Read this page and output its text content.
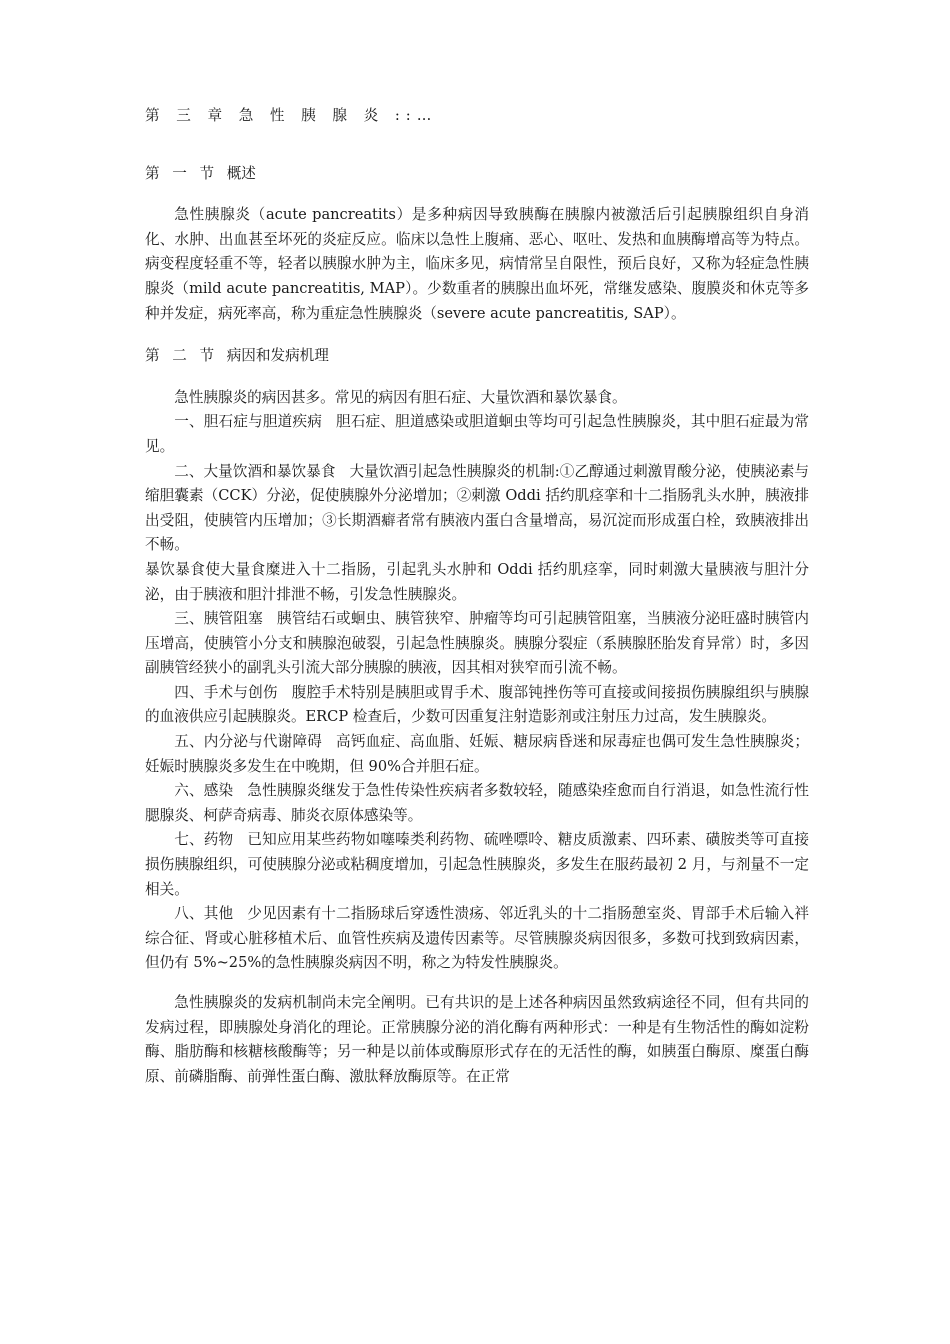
第 三 章 急 性 胰 腺 炎 ::…

第 一 节 概述

急性胰腺炎（acute pancreatits）是多种病因导致胰酶在胰腺内被激活后引起胰腺组织自身消化、水肿、出血甚至坏死的炎症反应。临床以急性上腹痛、恶心、呕吐、发热和血胰酶增高等为特点。病变程度轻重不等，轻者以胰腺水肿为主，临床多见，病情常呈自限性，预后良好，又称为轻症急性胰腺炎（mild acute pancreatitis, MAP）。少数重者的胰腺出血坏死，常继发感染、腹膜炎和休克等多种并发症，病死率高，称为重症急性胰腺炎（severe acute pancreatitis, SAP）。

第 二 节 病因和发病机理

急性胰腺炎的病因甚多。常见的病因有胆石症、大量饮酒和暴饮暴食。

一、胆石症与胆道疾病 胆石症、胆道感染或胆道蛔虫等均可引起急性胰腺炎，其中胆石症最为常见。

二、大量饮酒和暴饮暴食 大量饮酒引起急性胰腺炎的机制:①乙醇通过刺激胃酸分泌，使胰泌素与缩胆囊素（CCK）分泌，促使胰腺外分泌增加；②刺激 Oddi 括约肌痉挛和十二指肠乳头水肿，胰液排出受阻，使胰管内压增加；③长期酒癖者常有胰液内蛋白含量增高，易沉淀而形成蛋白栓，致胰液排出不畅。

暴饮暴食使大量食糜进入十二指肠，引起乳头水肿和 Oddi 括约肌痉挛，同时刺激大量胰液与胆汁分泌，由于胰液和胆汁排泄不畅，引发急性胰腺炎。

三、胰管阻塞 胰管结石或蛔虫、胰管狭窄、肿瘤等均可引起胰管阻塞，当胰液分泌旺盛时胰管内压增高，使胰管小分支和胰腺泡破裂，引起急性胰腺炎。胰腺分裂症（系胰腺胚胎发育异常）时，多因副胰管经狭小的副乳头引流大部分胰腺的胰液，因其相对狭窄而引流不畅。

四、手术与创伤 腹腔手术特别是胰胆或胃手术、腹部钝挫伤等可直接或间接损伤胰腺组织与胰腺的血液供应引起胰腺炎。ERCP 检查后，少数可因重复注射造影剂或注射压力过高，发生胰腺炎。

五、内分泌与代谢障碍 高钙血症、高血脂、妊娠、糖尿病昏迷和尿毒症也偶可发生急性胰腺炎；妊娠时胰腺炎多发生在中晚期，但 90%合并胆石症。

六、感染 急性胰腺炎继发于急性传染性疾病者多数较轻，随感染痊愈而自行消退，如急性流行性腮腺炎、柯萨奇病毒、肺炎衣原体感染等。

七、药物 已知应用某些药物如噻嗪类利药物、硫唑嘌呤、糖皮质激素、四环素、磺胺类等可直接损伤胰腺组织，可使胰腺分泌或粘稠度增加，引起急性胰腺炎，多发生在服药最初 2 月，与剂量不一定相关。

八、其他 少见因素有十二指肠球后穿透性溃疡、邻近乳头的十二指肠憩室炎、胃部手术后输入袢综合征、肾或心脏移植术后、血管性疾病及遗传因素等。尽管胰腺炎病因很多，多数可找到致病因素，但仍有 5%~25%的急性胰腺炎病因不明，称之为特发性胰腺炎。

急性胰腺炎的发病机制尚未完全阐明。已有共识的是上述各种病因虽然致病途径不同，但有共同的发病过程，即胰腺处身消化的理论。正常胰腺分泌的消化酶有两种形式：一种是有生物活性的酶如淀粉酶、脂肪酶和核糖核酸酶等；另一种是以前体或酶原形式存在的无活性的酶，如胰蛋白酶原、糜蛋白酶原、前磷脂酶、前弹性蛋白酶、激肽释放酶原等。在正常
